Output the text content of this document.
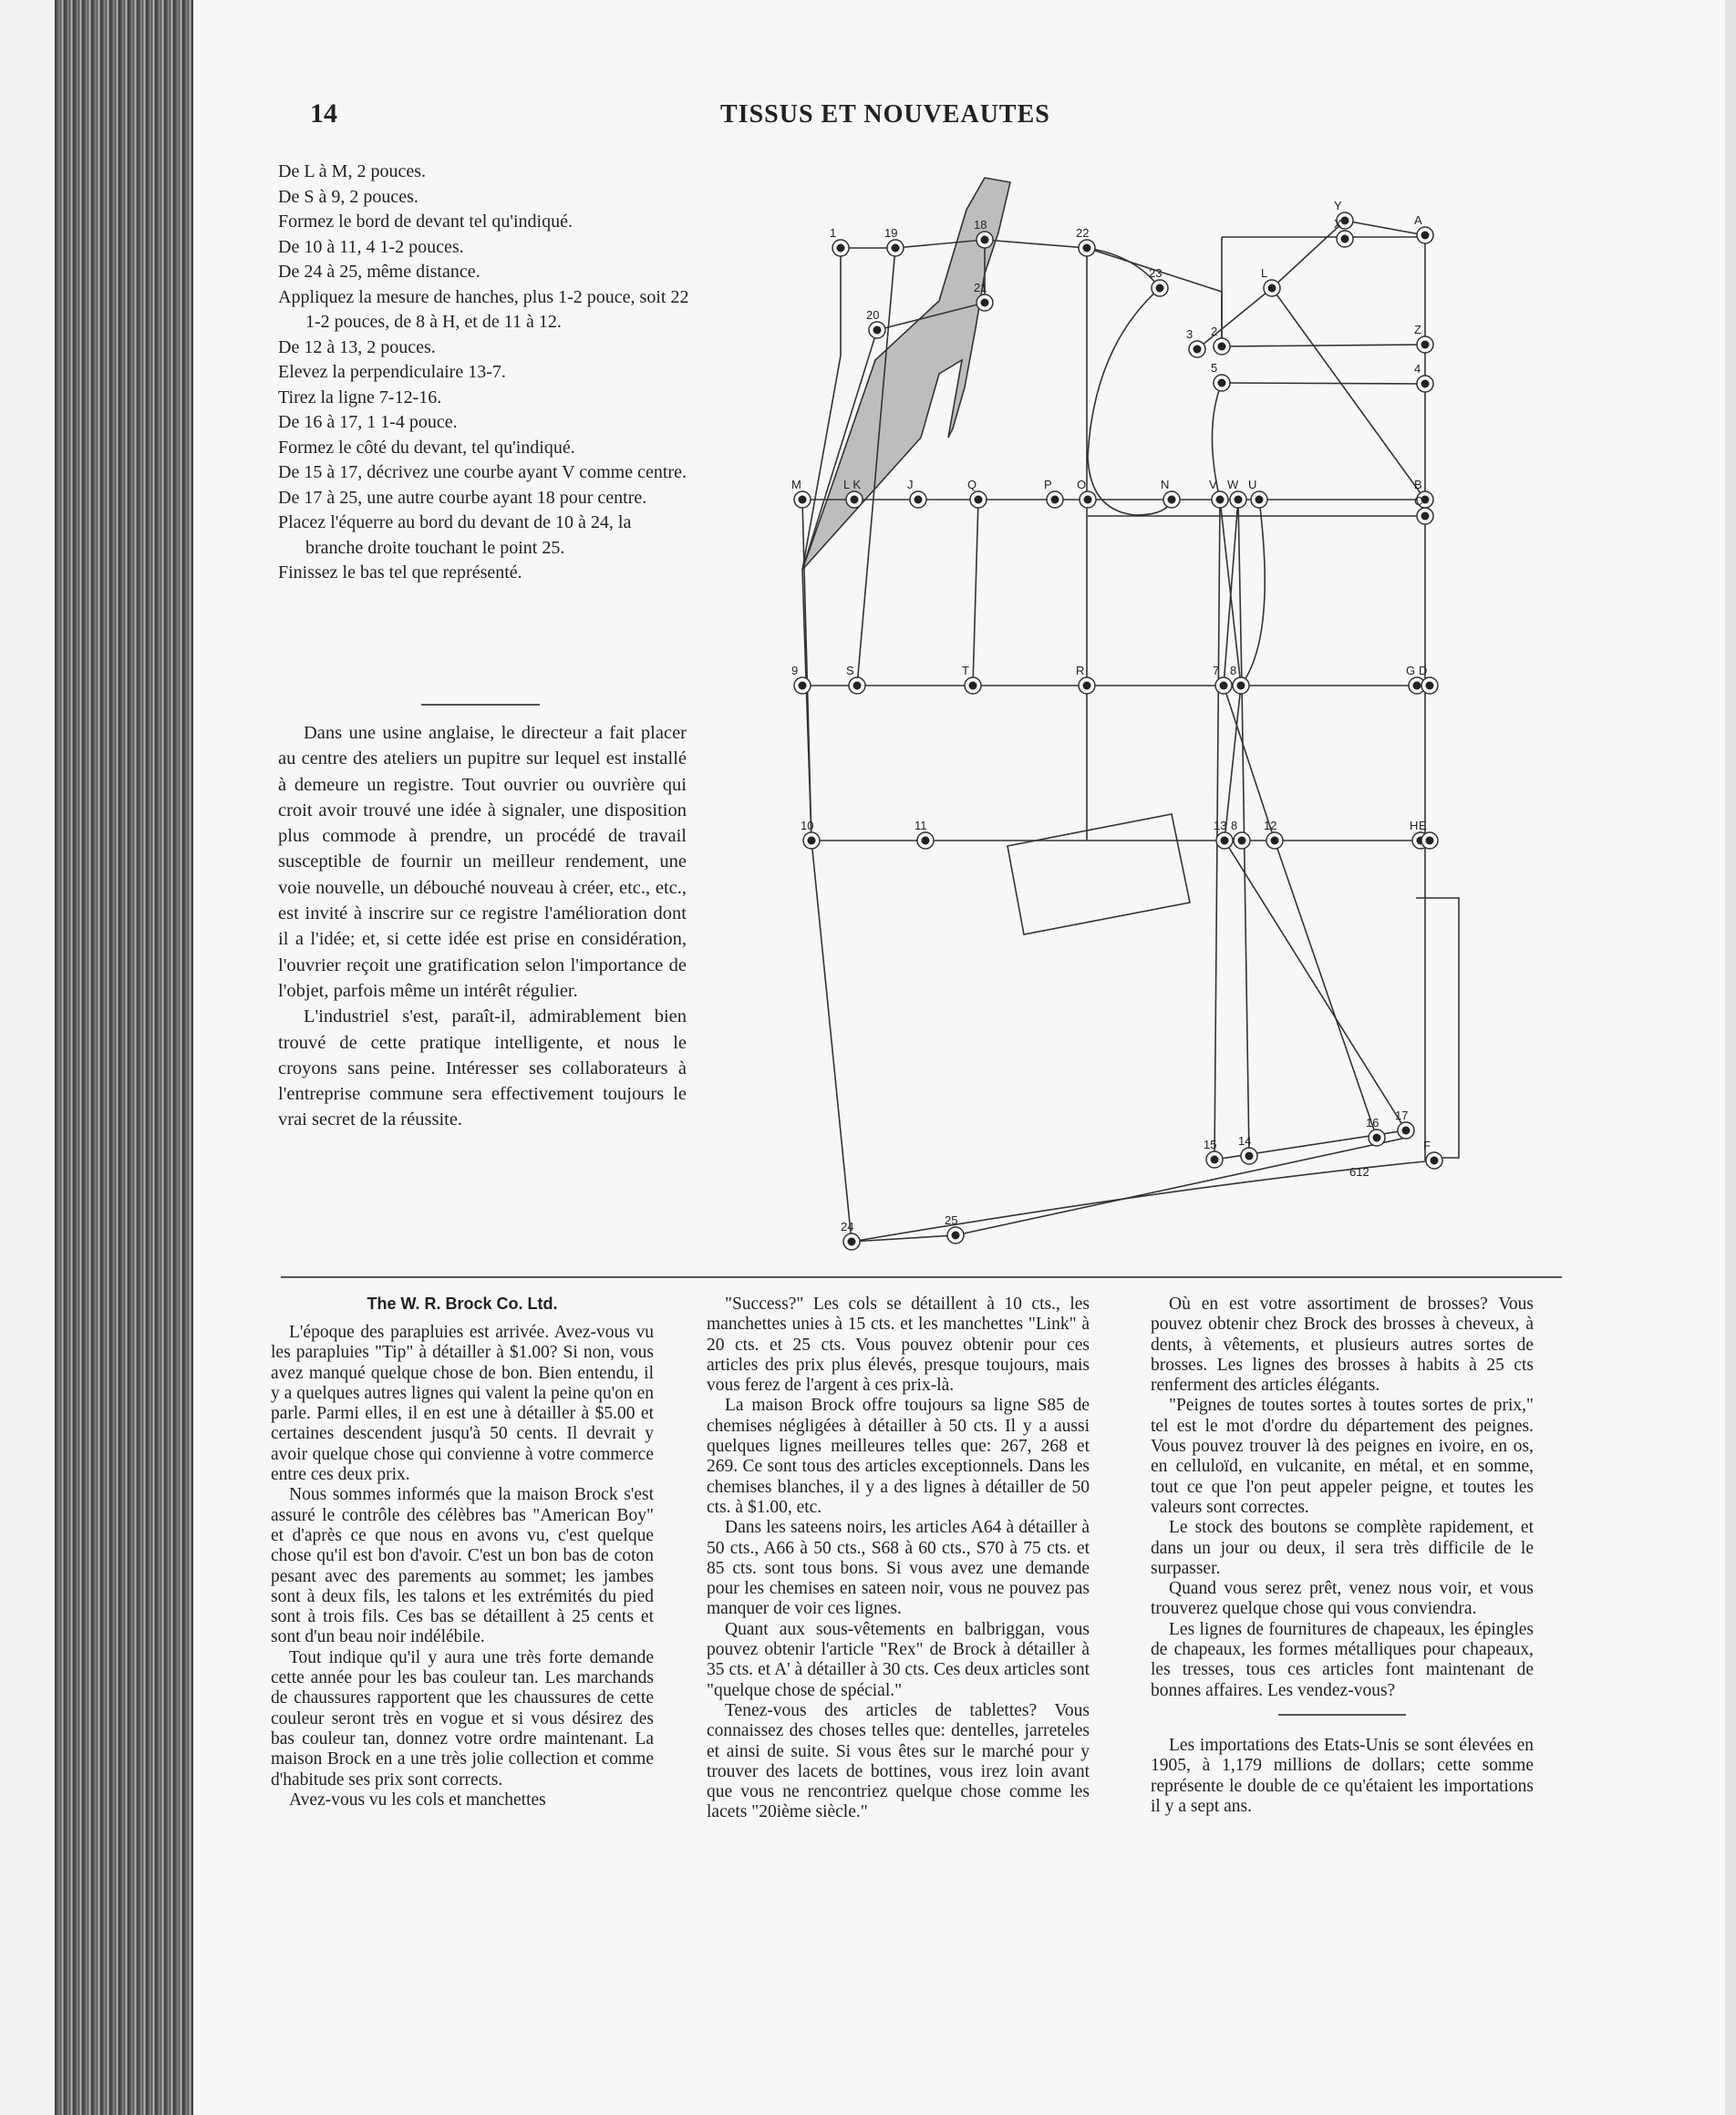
14	TISSUS ET NOUVEAUTES

De L à M, 2 pouces.

De S à 9, 2 pouces.

Formez le bord de devant tel qu'indiqué.

De 10 à 11, 4 1-2 pouces.

De 24 à 25, même distance.

Appliquez la mesure de hanches, plus 1-2 pouce, soit 22 1-2 pouces, de 8 à H, et de 11 à 12.

De 12 à 13, 2 pouces.

Elevez la perpendiculaire 13-7.

Tirez la ligne 7-12-16.

De 16 à 17, 1 1-4 pouce.

Formez le côté du devant, tel qu'indiqué.

De 15 à 17, décrivez une courbe ayant V comme centre.

De 17 à 25, une autre courbe ayant 18 pour centre.

Placez l'équerre au bord du devant de 10 à 24, la branche droite touchant le point 25.

Finissez le bas tel que représenté.

Dans une usine anglaise, le directeur a fait placer au centre des ateliers un pupitre sur lequel est installé à demeure un registre. Tout ouvrier ou ouvrière qui croit avoir trouvé une idée à signaler, une disposition plus commode à prendre, un procédé de travail susceptible de fournir un meilleur rendement, une voie nouvelle, un débouché nouveau à créer, etc., etc., est invité à inscrire sur ce registre l'amélioration dont il a l'idée; et, si cette idée est prise en considération, l'ouvrier reçoit une gratification selon l'importance de l'objet, parfois même un intérêt régulier.

L'industriel s'est, paraît-il, admirablement bien trouvé de cette pratique intelligente, et nous le croyons sans peine. Intéresser ses collaborateurs à l'entreprise commune sera effectivement toujours le vrai secret de la réussite.

1	19
18
22
23
21
20
Y
X	A
L
3 2	Z
5	4
M	L K	J	Q	P O	N	V W U	B
C
9	S	T	R	7 8	G D
10	11	13 8 12	H E
16
17
15 14	F
25
24
612
The W. R. Brock Co. Ltd.

L'époque des parapluies est arrivée. Avez-vous vu les parapluies "Tip" à détailler à $1.00? Si non, vous avez manqué quelque chose de bon. Bien entendu, il y a quelques autres lignes qui valent la peine qu'on en parle. Parmi elles, il en est une à détailler à $5.00 et certaines descendent jusqu'à 50 cents. Il devrait y avoir quelque chose qui convienne à votre commerce entre ces deux prix.

Nous sommes informés que la maison Brock s'est assuré le contrôle des célèbres bas "American Boy" et d'après ce que nous en avons vu, c'est quelque chose qu'il est bon d'avoir. C'est un bon bas de coton pesant avec des parements au sommet; les jambes sont à deux fils, les talons et les extrémités du pied sont à trois fils. Ces bas se détaillent à 25 cents et sont d'un beau noir indélébile.

Tout indique qu'il y aura une très forte demande cette année pour les bas couleur tan. Les marchands de chaussures rapportent que les chaussures de cette couleur seront très en vogue et si vous désirez des bas couleur tan, donnez votre ordre maintenant. La maison Brock en a une très jolie collection et comme d'habitude ses prix sont corrects.

Avez-vous vu les cols et manchettes

"Success?" Les cols se détaillent à 10 cts., les manchettes unies à 15 cts. et les manchettes "Link" à 20 cts. et 25 cts. Vous pouvez obtenir pour ces articles des prix plus élevés, presque toujours, mais vous ferez de l'argent à ces prix-là.

La maison Brock offre toujours sa ligne S85 de chemises négligées à détailler à 50 cts. Il y a aussi quelques lignes meilleures telles que: 267, 268 et 269. Ce sont tous des articles exceptionnels. Dans les chemises blanches, il y a des lignes à détailler de 50 cts. à $1.00, etc.

Dans les sateens noirs, les articles A64 à détailler à 50 cts., A66 à 50 cts., S68 à 60 cts., S70 à 75 cts. et 85 cts. sont tous bons. Si vous avez une demande pour les chemises en sateen noir, vous ne pouvez pas manquer de voir ces lignes.

Quant aux sous-vêtements en balbriggan, vous pouvez obtenir l'article "Rex" de Brock à détailler à 35 cts. et A' à détailler à 30 cts. Ces deux articles sont "quelque chose de spécial."

Tenez-vous des articles de tablettes? Vous connaissez des choses telles que: dentelles, jarreteles et ainsi de suite. Si vous êtes sur le marché pour y trouver des lacets de bottines, vous irez loin avant que vous ne rencontriez quelque chose comme les lacets "20ième siècle."

Où en est votre assortiment de brosses? Vous pouvez obtenir chez Brock des brosses à cheveux, à dents, à vêtements, et plusieurs autres sortes de brosses. Les lignes des brosses à habits à 25 cts renferment des articles élégants.

"Peignes de toutes sortes à toutes sortes de prix," tel est le mot d'ordre du département des peignes. Vous pouvez trouver là des peignes en ivoire, en os, en celluloïd, en vulcanite, en métal, et en somme, tout ce que l'on peut appeler peigne, et toutes les valeurs sont correctes.

Le stock des boutons se complète rapidement, et dans un jour ou deux, il sera très difficile de le surpasser.

Quand vous serez prêt, venez nous voir, et vous trouverez quelque chose qui vous conviendra.

Les lignes de fournitures de chapeaux, les épingles de chapeaux, les formes métalliques pour chapeaux, les tresses, tous ces articles font maintenant de bonnes affaires. Les vendez-vous?

Les importations des Etats-Unis se sont élevées en 1905, à 1,179 millions de dollars; cette somme représente le double de ce qu'étaient les importations il y a sept ans.
